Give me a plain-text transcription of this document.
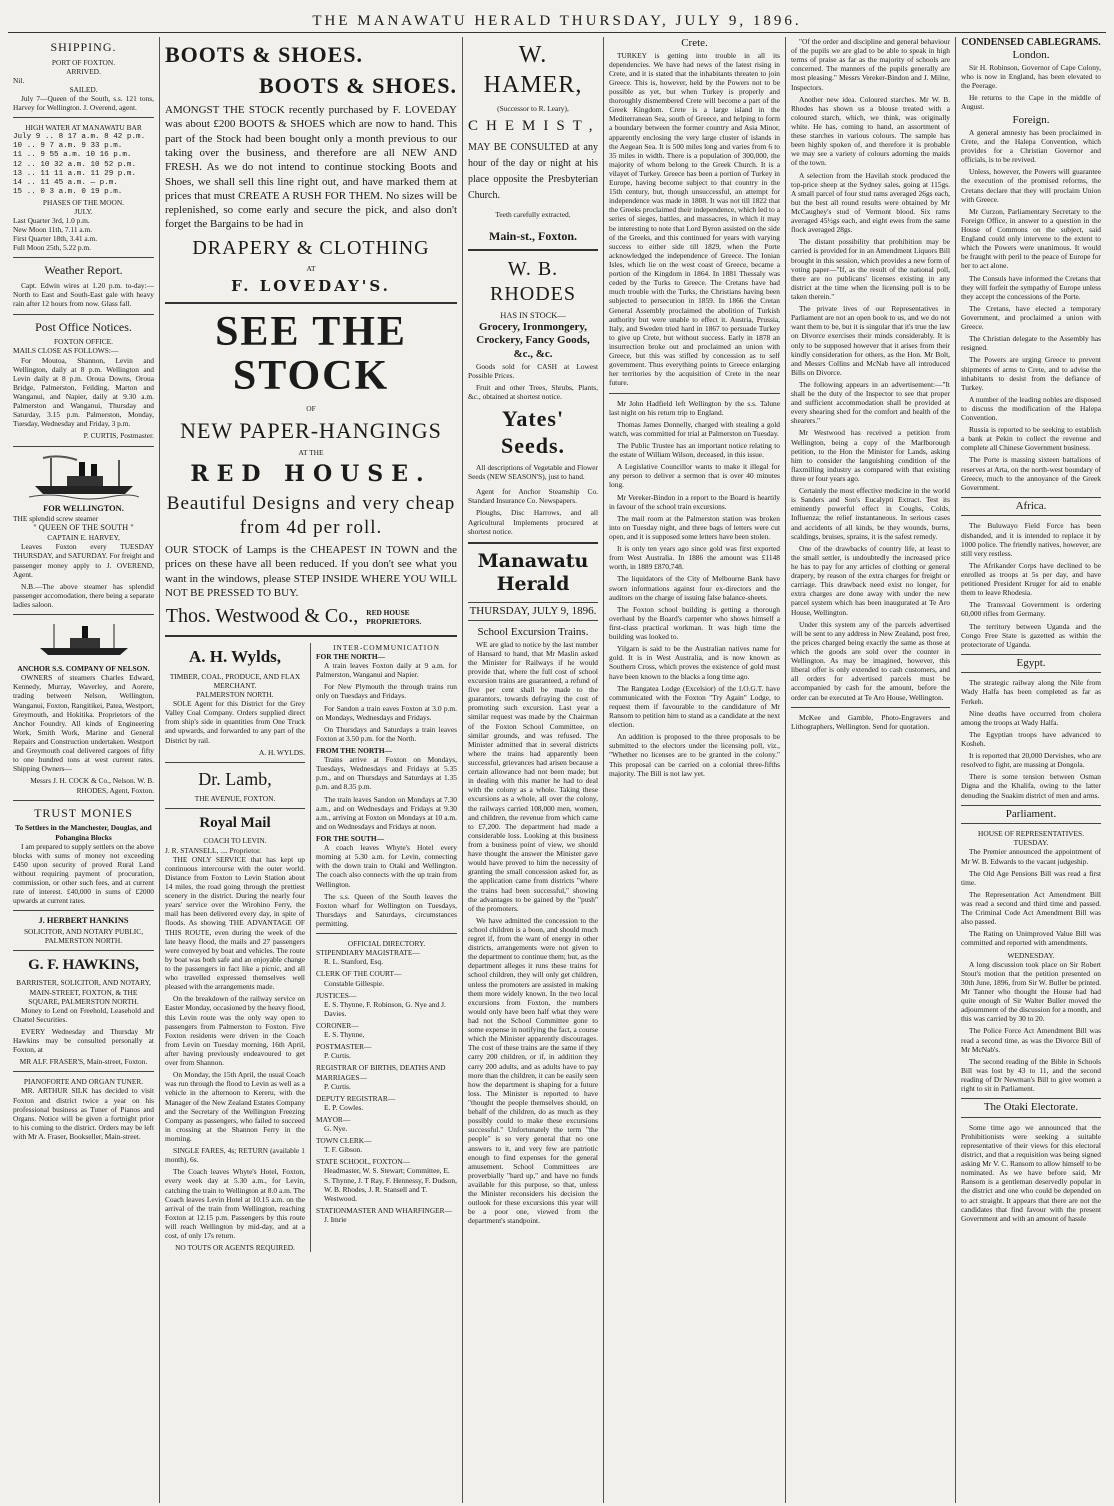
THE MANAWATU HERALD THURSDAY, JULY 9, 1896.
SHIPPING.
PORT OF FOXTON.
ARRIVED.
Nil.
SAILED.

July 7—Queen of the South, s.s. 121 tons, Harvey for Wellington. J. Overend, agent.

HIGH WATER AT MANAWATU BAR
July 9 .. 8 17 a.m. 8 42 p.m.
10 .. 9 7 a.m. 9 33 p.m.
11 .. 9 55 a.m. 10 16 p.m.
12 .. 10 32 a.m. 10 52 p.m.
13 .. 11 11 a.m. 11 29 p.m.
14 .. 11 45 a.m. — p.m.
15 .. 0 3 a.m. 0 19 p.m.
PHASES OF THE MOON.
JULY.
Last Quarter 3rd, 1.0 p.m.
New Moon 11th, 7.11 a.m.
First Quarter 18th, 3.41 a.m.
Full Moon 25th, 5.22 p.m.
Weather Report.

Capt. Edwin wires at 1.20 p.m. to-day:—North to East and South-East gale with heavy rain after 12 hours from now. Glass fall.

Post Office Notices.
FOXTON OFFICE.
MAILS CLOSE AS FOLLOWS:—

For Moutoa, Shannon, Levin and Wellington, daily at 8 p.m. Wellington and Levin daily at 8 p.m. Oroua Downs, Oroua Bridge, Palmerston, Feilding, Marton and Wanganui, and Napier, daily at 9.30 a.m. Palmerston and Wanganui, Thursday and Saturday, 3.15 p.m. Palmerston, Monday, Tuesday, Wednesday and Friday, 3 p.m.

P. CURTIS, Postmaster.
FOR WELLINGTON.
THE splendid screw steamer
" QUEEN OF THE SOUTH "
CAPTAIN E. HARVEY,

Leaves Foxton every TUESDAY THURSDAY, and SATURDAY. For freight and passenger money apply to J. OVEREND, Agent.

N.B.—The above steamer has splendid passenger accomodation, there being a separate ladies saloon.

ANCHOR S.S. COMPANY OF NELSON.

OWNERS of steamers Charles Edward, Kennedy, Murray, Waverley, and Aorere, trading between Nelson, Wellington, Wanganui, Foxton, Rangitikei, Patea, Westport, Greymouth, and Hokitika. Proprietors of the Anchor Foundry. All kinds of Engineering Work, Smith Work, Marine and General Repairs and Construction undertaken. Westport and Greymouth coal delivered cargoes of fifty to one hundred tons at west current rates. Shipping Owners—

Messrs J. H. COCK & Co., Nelson. W. B. RHODES, Agent, Foxton.
TRUST MONIES
To Settlers in the Manchester, Douglas, and Pohangina Blocks

I am prepared to supply settlers on the above blocks with sums of money not exceeding £450 upon security of proved Rural Land without requiring payment of procuration, commission, or other such fees, and at current rate of interest. £40,000 in sums of £2000 upwards at current rates.

J. HERBERT HANKINS
SOLICITOR, AND NOTARY PUBLIC, PALMERSTON NORTH.
G. F. HAWKINS,
BARRISTER, SOLICITOR, AND NOTARY,
MAIN-STREET, FOXTON, & THE SQUARE, PALMERSTON NORTH.

Money to Lend on Freehold, Leasehold and Chattel Securities.

EVERY Wednesday and Thursday Mr Hawkins may be consulted personally at Foxton, at

MR ALF. FRASER'S, Main-street, Foxton.
PIANOFORTE AND ORGAN TUNER.

MR. ARTHUR SILK has decided to visit Foxton and district twice a year on his professional business as Tuner of Pianos and Organs. Notice will be given a fortnight prior to his coming to the district. Orders may be left with Mr A. Fraser, Bookseller, Main-street.

BOOTS & SHOES.
BOOTS & SHOES.

AMONGST THE STOCK recently purchased by F. LOVEDAY was about £200 BOOTS & SHOES which are now to hand. This part of the Stock had been bought only a month previous to our taking over the business, and therefore are all NEW AND FRESH. As we do not intend to continue stocking Boots and Shoes, we shall sell this line right out, and have marked them at prices that must CREATE A RUSH FOR THEM. No sizes will be replenished, so come early and secure the pick, and also don't forget the Bargains to be had in

DRAPERY & CLOTHING
AT
F. LOVEDAY'S.
SEE THE STOCK
OF
NEW PAPER-HANGINGS
AT THE
RED HOUSE.
Beautiful Designs and very cheap from 4d per roll.

OUR STOCK of Lamps is the CHEAPEST IN TOWN and the prices on these have all been reduced. If you don't see what you want in the windows, please STEP INSIDE WHERE YOU WILL NOT BE PRESSED TO BUY.

Thos. Westwood & Co., RED HOUSE PROPRIETORS.
A. H. Wylds,
TIMBER, COAL, PRODUCE, AND FLAX MERCHANT.
PALMERSTON NORTH.

SOLE Agent for this District for the Grey Valley Coal Company. Orders supplied direct from ship's side in quantities from One Truck and upwards, and forwarded to any part of the District by rail.

A. H. WYLDS.
Dr. Lamb,
THE AVENUE, FOXTON.
Royal Mail
COACH TO LEVIN.
J. R. STANSELL, .... Proprietor.

THE ONLY SERVICE that has kept up continuous intercourse with the outer world. Distance from Foxton to Levin Station about 14 miles, the road going through the prettiest scenery in the district. During the nearly four years' service over the Wirohino Ferry, the mail has been delivered every day, in spite of floods. As showing THE ADVANTAGE OF THIS ROUTE, even during the week of the late heavy flood, the mails and 27 passengers were conveyed by boat and vehicles. The route by boat was both safe and an enjoyable change to the passengers in fact like a picnic, and all who travelled expressed themselves well pleased with the arrangements made.

On the breakdown of the railway service on Easter Monday, occasioned by the heavy flood, this Levin route was the only way open to passengers from Palmerston to Foxton. Five Foxton residents were driven in the Coach from Levin on Tuesday morning, 16th April, after having previously endeavoured to get over from Shannon.

On Monday, the 15th April, the usual Coach was run through the flood to Levin as well as a vehicle in the afternoon to Kereru, with the Manager of the New Zealand Estates Company and the Secretary of the Wellington Freezing Company as passengers, who failed to succeed in crossing at the Shannon Ferry in the morning.

SINGLE FARES, 4s; RETURN (available 1 month), 6s.

The Coach leaves Whyte's Hotel, Foxton, every week day at 5.30 a.m., for Levin, catching the train to Wellington at 8.0 a.m. The Coach leaves Levin Hotel at 10.15 a.m. on the arrival of the train from Wellington, reaching Foxton at 12.15 p.m. Passengers by this route will reach Wellington by mid-day, and at a cost, of only 17s return.

NO TOUTS OR AGENTS REQUIRED.
INTER-COMMUNICATION
FOR THE NORTH—

A train leaves Foxton daily at 9 a.m. for Palmerston, Wanganui and Napier.

For New Plymouth the through trains run only on Tuesdays and Fridays.

For Sandon a train eaves Foxton at 3.0 p.m. on Mondays, Wednesdays and Fridays.

On Thursdays and Saturdays a train leaves Foxton at 3.50 p.m. for the North.

FROM THE NORTH—

Trains arrive at Foxton on Mondays, Tuesdays, Wednesdays and Fridays at 5.35 p.m., and on Thursdays and Saturdays at 1.35 p.m. and 8.35 p.m.

The train leaves Sandon on Mondays at 7.30 a.m., and on Wednesdays and Fridays at 9.30 a.m., arriving at Foxton on Mondays at 10 a.m. and on Wednesdays and Fridays at noon.

FOR THE SOUTH—

A coach leaves Whyte's Hotel every morning at 5.30 a.m. for Levin, connecting with the down train to Otaki and Wellington. The coach also connects with the up train from Wellington.

The s.s. Queen of the South leaves the Foxton wharf for Wellington on Tuesdays, Thursdays and Saturdays, circumstances permitting.

OFFICIAL DIRECTORY.
STIPENDIARY MAGISTRATE—
R. L. Stanford, Esq.
CLERK OF THE COURT—
Constable Gillespie.
JUSTICES—
E. S. Thynne, F. Robinson, G. Nye and J. Davies.
CORONER—
E. S. Thynne,
POSTMASTER—
P. Curtis.
REGISTRAR OF BIRTHS, DEATHS AND MARRIAGES—
P. Curtis.
DEPUTY REGISTRAR—
E. P. Cowles.
MAYOR—
G. Nye.
TOWN CLERK—
T. F. Gibson.
STATE SCHOOL, FOXTON—
Headmaster, W. S. Stewart; Committee, E. S. Thynne, J. T Ray, F. Hennessy, F. Dudson, W. B. Rhodes, J. R. Stansell and T. Westwood.
STATIONMASTER AND WHARFINGER—
J. Imrie
W. HAMER,
(Successor to R. Leary),
CHEMIST,

MAY BE CONSULTED at any hour of the day or night at his place opposite the Presbyterian Church.

Teeth carefully extracted.
Main-st., Foxton.
W. B. RHODES
HAS IN STOCK—
Grocery, Ironmongery, Crockery, Fancy Goods, &c., &c.

Goods sold for CASH at Lowest Possible Prices.

Fruit and other Trees, Shrubs, Plants, &c., obtained at shortest notice.

Yates' Seeds.

All descriptions of Vegetable and Flower Seeds (NEW SEASON'S), just to hand.

Agent for Anchor Steamship Co. Standard Insurance Co. Newspapers.

Ploughs, Disc Harrows, and all Agricultural Implements procured at shortest notice.

Manawatu Herald
THURSDAY, JULY 9, 1896.
School Excursion Trains.

WE are glad to notice by the last number of Hansard to hand, that Mr Maslin asked the Minister for Railways if he would provide that, where the full cost of school excursion trains are guaranteed, a refund of five per cent shall be made to the guarantors, towards defraying the cost of promoting such excursion. Last year a similar request was made by the Chairman of the Foxton School Committee, on similar grounds, and was refused. The Minister admitted that in several districts where the trains had apparently been successful, grievances had arisen because a certain allowance had not been made; but in dealing with this matter he had to deal with the colony as a whole. Taking these excursions as a whole, all over the colony, the railways carried 108,000 men, women, and children, the revenue from which came to £7,200. The department had made a considerable loss. Looking at this business from a business point of view, we should have thought the answer the Minister gave would have proved to him the necessity of granting the small concession asked for, as the application came from districts "where the trains had been successful," showing the advantages to be gained by the "push" of the promoters.

We have admitted the concession to the school children is a boon, and should much regret if, from the want of energy in other districts, arrangements were not given to the department to continue them; but, as the department alleges it runs these trains for school children, they will only get children, unless the promoters are assisted in making them more widely known. In the two local excursions from Foxton, the numbers would only have been half what they were had not the School Committee gone to some expense in notifying the fact, a course which the Minister apparently discourages. The cost of these trains are the same if they carry 200 children, or if, in addition they carry 200 adults, and as adults have to pay more than the children, it can be easily seen how the department is shaping for a future loss. The Minister is reported to have "thought the people themselves should, on behalf of the children, do as much as they possibly could to make these excursions successful." Unfortunately the term "the people" is so very general that no one answers to it, and very few are patriotic enough to find expenses for the general amusement. School Committees are proverbially "hard up," and have no funds available for this purpose, so that, unless the Minister reconsiders his decision the outlook for these excursions this year will be a poor one, viewed from the department's standpoint.

Crete.

TURKEY is getting into trouble in all its dependencies. We have had news of the latest rising in Crete, and it is stated that the inhabitants threaten to join Greece. This is, however, held by the Powers not to be possible as yet, but when Turkey is properly and thoroughly dismembered Crete will become a part of the Greek Kingdom. Crete is a large island in the Mediterranean Sea, south of Greece, and helping to form a boundary between the former country and Asia Minor, apparently enclosing the very large cluster of islands in the Aegean Sea. It is 500 miles long and varies from 6 to 35 miles in width. There is a population of 300,000, the majority of whom belong to the Greek Church. It is a vilayet of Turkey. Greece has been a portion of Turkey in Europe, having become subject to that country in the 15th century, but, though unsuccessful, an attempt for independence was made in 1808. It was not till 1822 that the Greeks proclaimed their independence, which led to a series of sieges, battles, and massacres, in which it may be interesting to note that Lord Byron assisted on the side of the Greeks, and this continued for years with varying success to either side till 1829, when the Porte acknowledged the independence of Greece. The Ionian Isles, which lie on the west coast of Greece, became a portion of the Kingdom in 1864. In 1881 Thessaly was ceded by the Turks to Greece. The Cretans have had much trouble with the Turks, the Christians having been subjected to persecution in 1859. In 1866 the Cretan General Assembly proclaimed the abolition of Turkish authority but were unable to effect it. Austria, Prussia, Italy, and Sweden tried hard in 1867 to persuade Turkey to give up Crete, but without success. Early in 1878 an insurrection broke out and proclaimed an union with Greece, but this was stifled by concession as to self government. Thus everything points to Greece enlarging her territories by the acquisition of Crete in the near future.

Mr John Hadfield left Wellington by the s.s. Talune last night on his return trip to England.

Thomas James Donnelly, charged with stealing a gold watch, was committed for trial at Palmerston on Tuesday.

The Public Trustee has an important notice relating to the estate of William Wilson, deceased, in this issue.

A Legislative Councillor wants to make it illegal for any person to deliver a sermon that is over 40 minutes long.

Mr Vereker-Bindon in a report to the Board is heartily in favour of the school train excursions.

The mail room at the Palmerston station was broken into on Tuesday night, and three bags of letters were cut open, and it is supposed some letters have been stolen.

It is only ten years ago since gold was first exported from West Australia. In 1886 the amount was £1148 worth, in 1889 £870,748.

The liquidators of the City of Melbourne Bank have sworn informations against four ex-directors and the auditors on the charge of issuing false balance-sheets.

The Foxton school building is getting a thorough overhaul by the Board's carpenter who shows himself a first-class practical workman. It was high time the building was looked to.

Yilgarn is said to be the Australian natives name for gold. It is in West Australia, and is now known as Southern Cross, which proves the existence of gold must have been known to the blacks a long time ago.

The Rangatea Lodge (Excelsior) of the I.O.G.T. have communicated with the Foxton "Try Again" Lodge, to request them if favourable to the candidature of Mr Ransom to petition him to stand as a candidate at the next election.

An addition is proposed to the three proposals to be submitted to the electors under the licensing poll, viz., "Whether no licenses are to be granted in the colony." This proposal can be carried on a colonial three-fifths majority. The Bill is not law yet.

"Of the order and discipline and general behaviour of the pupils we are glad to be able to speak in high terms of praise as far as the majority of schools are concerned. The manners of the pupils generally are most pleasing." Messrs Vereker-Bindon and J. Milne, Inspectors.

Another new idea. Coloured starches. Mr W. B. Rhodes has shown us a blouse treated with a coloured starch, which, we think, was originally white. He has, coming to hand, an assortment of these starches in various colours. The sample has been highly spoken of, and therefore it is probable we may see a variety of colours adorning the maids of the town.

A selection from the Havilah stock produced the top-price sheep at the Sydney sales, going at 115gs. A small parcel of four stud rams averaged 26gs each, but the best all round results were obtained by Mr McCaughey's stud of Vermont blood. Six rams averaged 45½gs each, and eight ewes from the same flock averaged 28gs.

The distant possibility that prohibition may be carried is provided for in an Amendment Liquors Bill brought in this session, which provides a new form of voting paper—"If, as the result of the national poll, there are no publicans' licenses existing in any district at the time when the licensing poll is to be taken therein."

The private lives of our Representatives in Parliament are not an open book to us, and we do not want them to be, but it is singular that it's true the law on Divorce exercises their minds considerably. It is only to be supposed however that it arises from their kindly consideration for others, as the Hon. Mr Bolt, and Messrs Collins and McNab have all introduced Bills on Divorce.

The following appears in an advertisement:—"It shall be the duty of the Inspector to see that proper and sufficient accommodation shall be provided at every shearing shed for the comfort and health of the shearers."

Mr Westwood has received a petition from Wellington, being a copy of the Marlborough petition, to the Hon the Minister for Lands, asking him to consider the languishing condition of the flaxmilling industry as compared with that existing three or four years ago.

Certainly the most effective medicine in the world is Sanders and Son's Eucalypti Extract. Test its eminently powerful effect in Coughs, Colds, Influenza; the relief instantaneous. In serious cases and accidents of all kinds, be they wounds, burns, scaldings, bruises, sprains, it is the safest remedy.

One of the drawbacks of country life, at least to the small settler, is undoubtedly the increased price he has to pay for any articles of clothing or general drapery, by reason of the extra charges for freight or carriage. This drawback need exist no longer, for extra charges are done away with under the new parcel system which has been inaugurated at Te Aro House, Wellington.

Under this system any of the parcels advertised will be sent to any address in New Zealand, post free, the prices charged being exactly the same as those at which the goods are sold over the counter in Wellington. As may be imagined, however, this liberal offer is only extended to cash customers, and all orders for advertised parcels must be accompanied by cash for the amount, before the order can be executed at Te Aro House, Wellington.

McKee and Gamble, Photo-Engravers and Lithographers, Wellington. Send for quotation.

CONDENSED CABLEGRAMS.
London.

Sir H. Robinson, Governor of Cape Colony, who is now in England, has been elevated to the Peerage.

He returns to the Cape in the middle of August.

Foreign.

A general amnesty has been proclaimed in Crete, and the Halepa Convention, which provides for a Christian Governor and officials, is to be revived.

Unless, however, the Powers will guarantee the execution of the promised reforms, the Cretans declare that they will proclaim Union with Greece.

Mr Curzon, Parliamentary Secretary to the Foreign Office, in answer to a question in the House of Commons on the subject, said England could only intervene to the extent to which the Powers were unanimous. It would be fraught with peril to the peace of Europe for her to act alone.

The Consuls have informed the Cretans that they will forfeit the sympathy of Europe unless they accept the concessions of the Porte.

The Cretans, have elected a temporary Government, and proclaimed a union with Greece.

The Christian delegate to the Assembly has resigned.

The Powers are urging Greece to prevent shipments of arms to Crete, and to advise the inhabitants to desist from the defiance of Turkey.

A number of the leading nobles are disposed to discuss the modification of the Halepa Convention.

Russia is reported to be seeking to establish a bank at Pekin to collect the revenue and complete all Chinese Government business.

The Porte is massing sixteen battalions of reserves at Arta, on the north-west boundary of Greece, much to the annoyance of the Greek Government.

Africa.

The Buluwayo Field Force has been disbanded, and it is intended to replace it by 1000 police. The friendly natives, however, are still very restless.

The Afrikander Corps have declined to be enrolled as troops at 5s per day, and have petitioned President Kruger for aid to enable them to leave Rhodesia.

The Transvaal Government is ordering 60,000 rifles from Germany.

The territory between Uganda and the Congo Free State is gazetted as within the protectorate of Uganda.

Egypt.

The strategic railway along the Nile from Wady Halfa has been completed as far as Ferkeh.

Nine deaths have occurred from cholera among the troops at Wady Halfa.

The Egyptian troops have advanced to Kosheh.

It is reported that 20,000 Dervishes, who are resolved to fight, are massing at Dongola.

There is some tension between Osman Digna and the Khalifa, owing to the latter denuding the Suakim district of men and arms.

Parliament.
HOUSE OF REPRESENTATIVES.
TUESDAY.

The Premier announced the appointment of Mr W. B. Edwards to the vacant judgeship.

The Old Age Pensions Bill was read a first time.

The Representation Act Amendment Bill was read a second and third time and passed. The Criminal Code Act Amendment Bill was also passed.

The Rating on Unimproved Value Bill was committed and reported with amendments.

WEDNESDAY.

A long discussion took place on Sir Robert Stout's motion that the petition presented on 30th June, 1896, from Sir W. Buller be printed. Mr Tanner who thought the House had had quite enough of Sir Walter Buller moved the adjournment of the discussion for a month, and this was carried by 30 to 20.

The Police Force Act Amendment Bill was read a second time, as was the Divorce Bill of Mr McNab's.

The second reading of the Bible in Schools Bill was lost by 43 to 11, and the second reading of Dr Newman's Bill to give women a right to sit in Parliament.

The Otaki Electorate.

Some time ago we announced that the Prohibitionists were seeking a suitable representative of their views for this electoral district, and that a requisition was being signed asking Mr V. C. Ransom to allow himself to be nominated. As we have before said, Mr Ransom is a gentleman deservedly popular in the district and one who could be depended on to act straight. It appears that there are not the candidates that find favour with the present Government and with an amount of hassle
